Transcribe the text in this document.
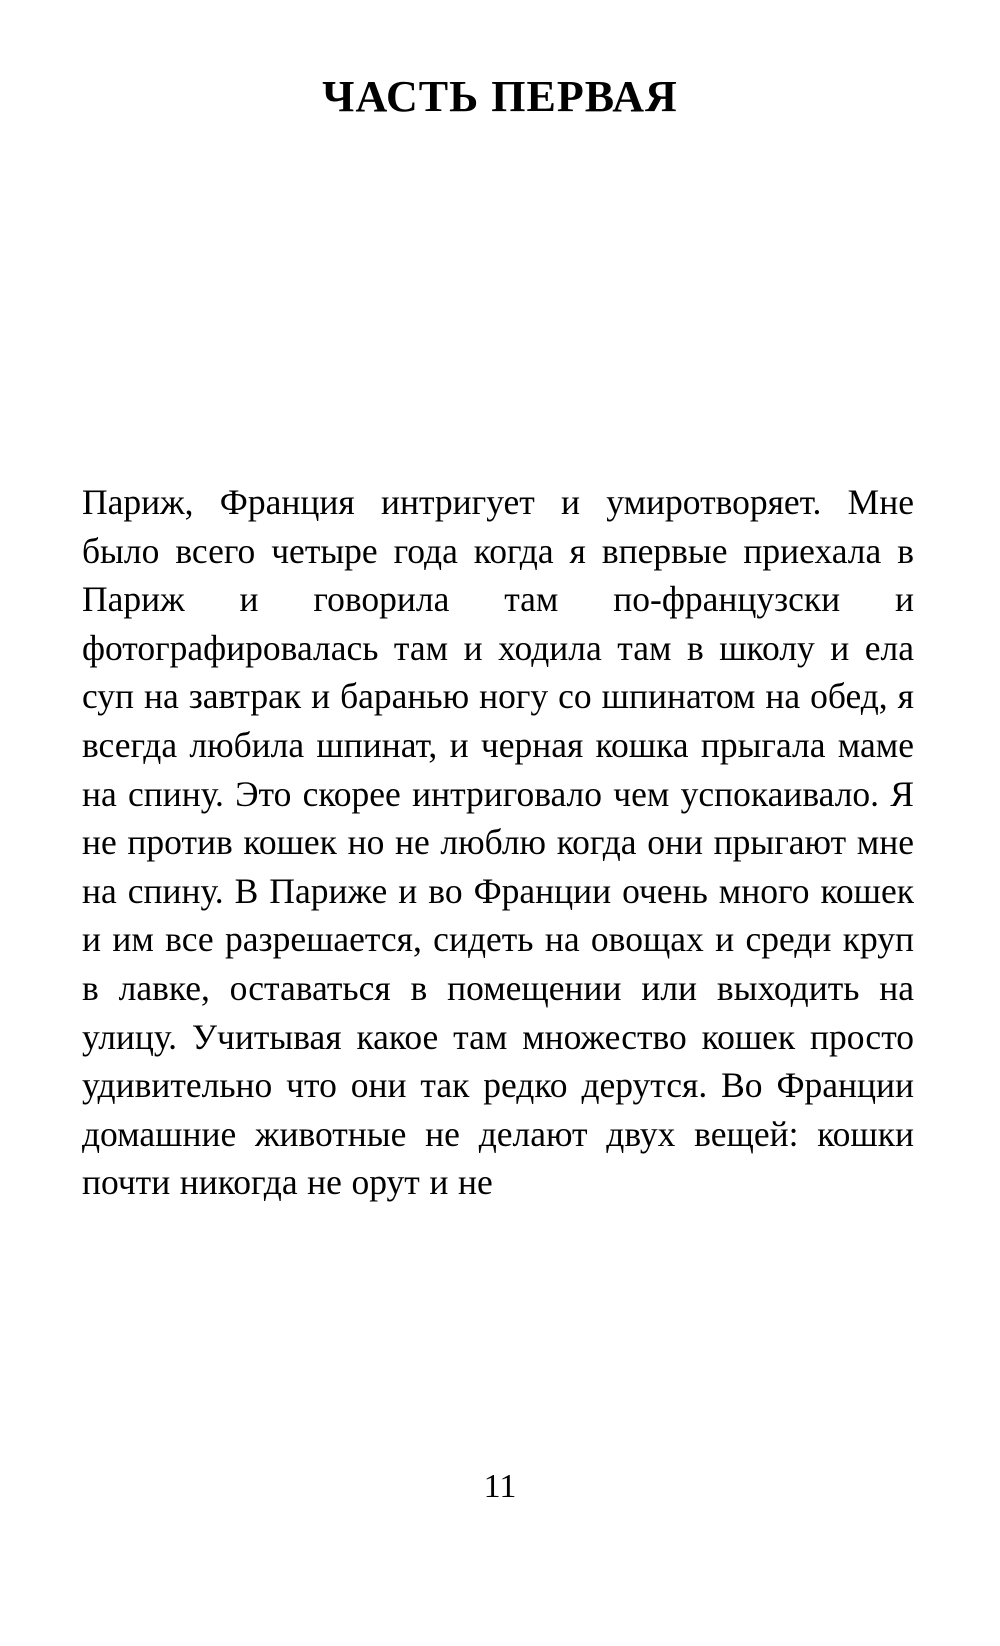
ЧАСТЬ ПЕРВАЯ

Париж, Франция интригует и умиротворяет. Мне было всего четыре года когда я впервые приехала в Париж и говорила там по-французски и фотографировалась там и ходила там в школу и ела суп на завтрак и баранью ногу со шпинатом на обед, я всегда любила шпинат, и черная кошка прыгала маме на спину. Это скорее интриговало чем успокаивало. Я не против кошек но не люблю когда они прыгают мне на спину. В Париже и во Франции очень много кошек и им все разрешается, сидеть на овощах и среди круп в лавке, оставаться в помещении или выходить на улицу. Учитывая какое там множество кошек просто удивительно что они так редко дерутся. Во Франции домашние животные не делают двух вещей: кошки почти никогда не орут и не

11
